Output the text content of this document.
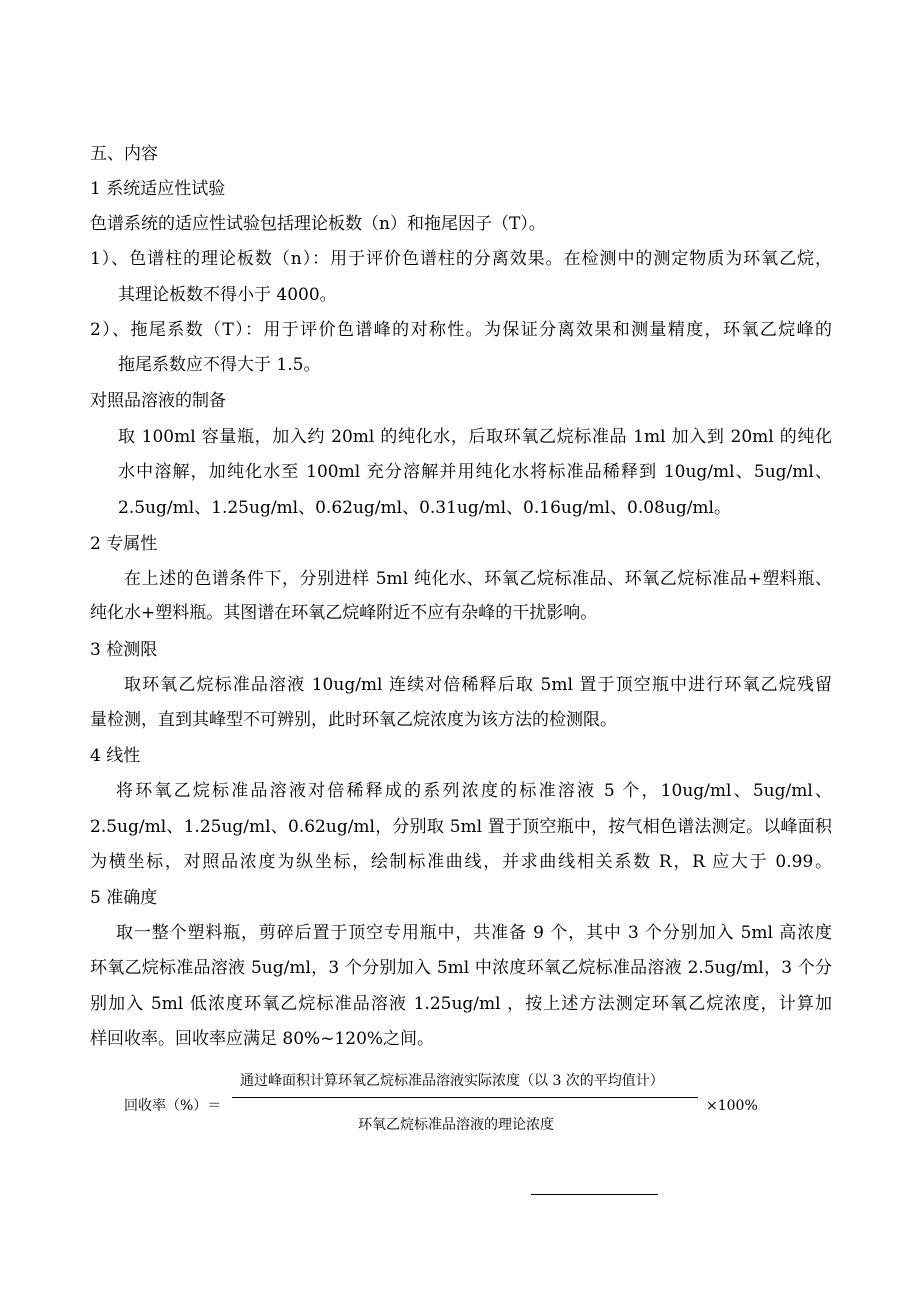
五、内容
1 系统适应性试验
色谱系统的适应性试验包括理论板数（n）和拖尾因子（T）。
1）、色谱柱的理论板数（n）：用于评价色谱柱的分离效果。在检测中的测定物质为环氧乙烷，
其理论板数不得小于 4000。
2）、拖尾系数（T）：用于评价色谱峰的对称性。为保证分离效果和测量精度，环氧乙烷峰的
拖尾系数应不得大于 1.5。
对照品溶液的制备
取 100ml 容量瓶，加入约 20ml 的纯化水，后取环氧乙烷标准品 1ml 加入到 20ml 的纯化
水中溶解，加纯化水至 100ml 充分溶解并用纯化水将标准品稀释到 10ug/ml、5ug/ml、
2.5ug/ml、1.25ug/ml、0.62ug/ml、0.31ug/ml、0.16ug/ml、0.08ug/ml。
2 专属性
在上述的色谱条件下，分别进样 5ml 纯化水、环氧乙烷标准品、环氧乙烷标准品+塑料瓶、
纯化水+塑料瓶。其图谱在环氧乙烷峰附近不应有杂峰的干扰影响。
3 检测限
取环氧乙烷标准品溶液 10ug/ml 连续对倍稀释后取 5ml 置于顶空瓶中进行环氧乙烷残留
量检测，直到其峰型不可辨别，此时环氧乙烷浓度为该方法的检测限。
4 线性
将环氧乙烷标准品溶液对倍稀释成的系列浓度的标准溶液 5 个，10ug/ml、5ug/ml、
2.5ug/ml、1.25ug/ml、0.62ug/ml，分别取 5ml 置于顶空瓶中，按气相色谱法测定。以峰面积
为横坐标，对照品浓度为纵坐标，绘制标准曲线，并求曲线相关系数 R，R 应大于 0.99。
5 准确度
取一整个塑料瓶，剪碎后置于顶空专用瓶中，共准备 9 个，其中 3 个分别加入 5ml 高浓度
环氧乙烷标准品溶液 5ug/ml，3 个分别加入 5ml 中浓度环氧乙烷标准品溶液 2.5ug/ml，3 个分
别加入 5ml 低浓度环氧乙烷标准品溶液 1.25ug/ml ，按上述方法测定环氧乙烷浓度，计算加
样回收率。回收率应满足 80%~120%之间。
回收率（%）＝
通过峰面积计算环氧乙烷标准品溶液实际浓度（以 3 次的平均值计）
环氧乙烷标准品溶液的理论浓度
×100%
